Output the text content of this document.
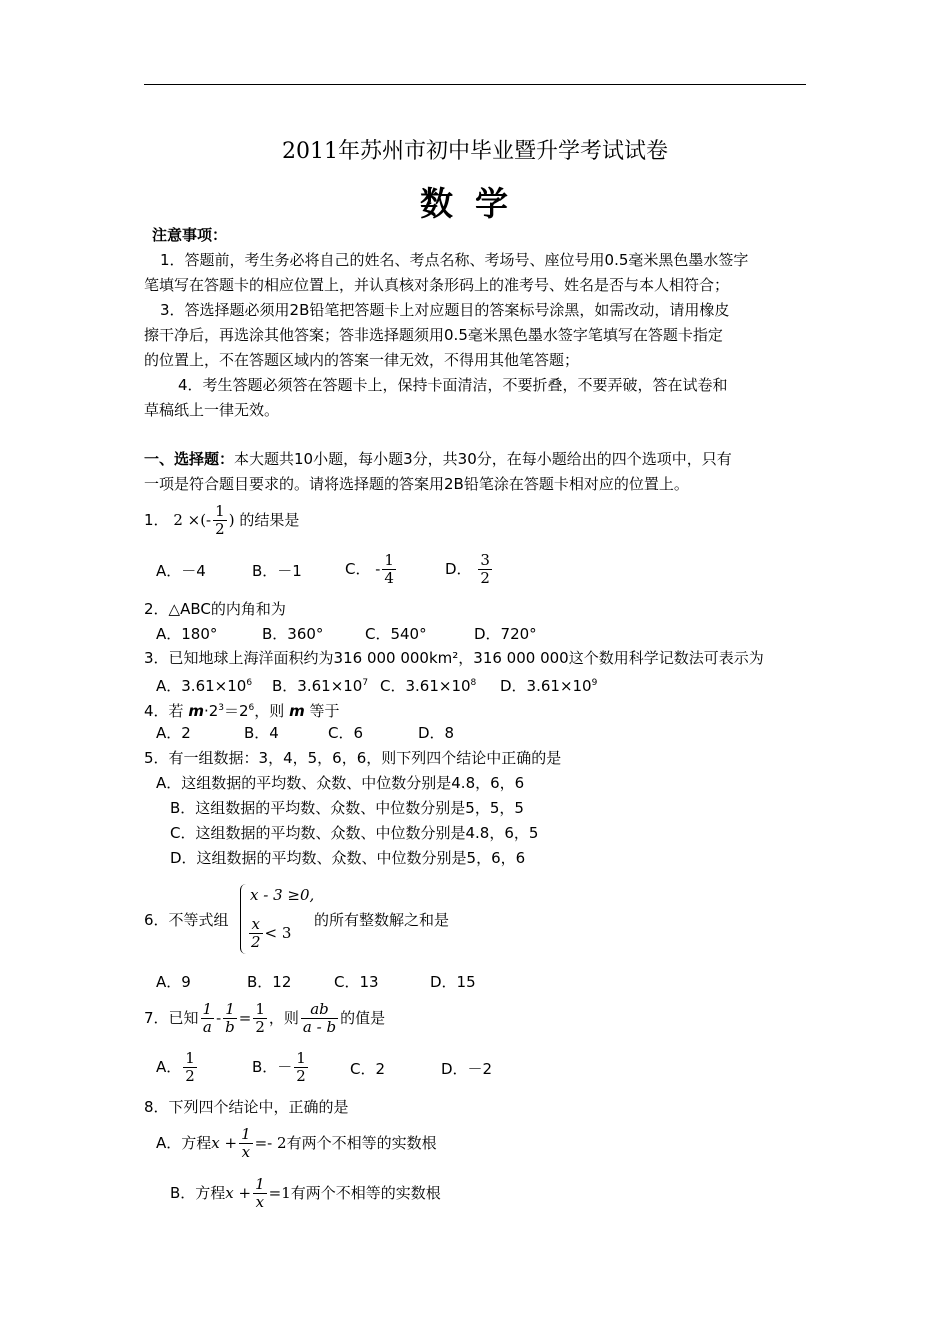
2011年苏州市初中毕业暨升学考试试卷
数学
注意事项：
1．答题前，考生务必将自己的姓名、考点名称、考场号、座位号用0.5毫米黑色墨水签字
笔填写在答题卡的相应位置上，并认真核对条形码上的准考号、姓名是否与本人相符合；
3．答选择题必须用2B铅笔把答题卡上对应题目的答案标号涂黑，如需改动，请用橡皮
擦干净后，再选涂其他答案；答非选择题须用0.5毫米黑色墨水签字笔填写在答题卡指定
的位置上，不在答题区域内的答案一律无效，不得用其他笔答题；
4．考生答题必须答在答题卡上，保持卡面清洁，不要折叠，不要弄破，答在试卷和
草稿纸上一律无效。
一、选择题：本大题共10小题，每小题3分，共30分，在每小题给出的四个选项中，只有
一项是符合题目要求的。请将选择题的答案用2B铅笔涂在答题卡相对应的位置上。
1． 2 ×(- $\frac{1}{2}$ ) 的结果是
A．－4	B．－1	C． - $\frac{1}{4}$	D． $\frac{3}{2}$
2．△ABC的内角和为
A．180°	B．360°	C．540°	D．720°
3．已知地球上海洋面积约为316 000 000km²，316 000 000这个数用科学记数法可表示为
A．$3.61\times 10^6$ B．$3.61\times 10^7$ C．$3.61\times 10^8$ D．$3.61\times 10^9$
4．若 $m\cdot 2^3=2^6$，则 m 等于
A．2	B．4	C．6	D．8
5．有一组数据：3，4，5，6，6，则下列四个结论中正确的是
A．这组数据的平均数、众数、中位数分别是4.8，6，6
B．这组数据的平均数、众数、中位数分别是5，5，5
C．这组数据的平均数、众数、中位数分别是4.8，6，5
D．这组数据的平均数、众数、中位数分别是5，6，6
6．不等式组
x - 3 ≥0,
$\frac{x}{2} < 3$
的所有整数解之和是
A．9	B．12	C．13	D．15
7．已知 $\frac{1}{a} - \frac{1}{b} = \frac{1}{2}$ ，则 $\frac{ab}{a - b}$ 的值是
A． $\frac{1}{2}$	B．－ $\frac{1}{2}$	C．2	D．－2
8．下列四个结论中，正确的是
A．方程$x + \frac{1}{x} =- 2$有两个不相等的实数根
B．方程$x + \frac{1}{x} =1$有两个不相等的实数根
